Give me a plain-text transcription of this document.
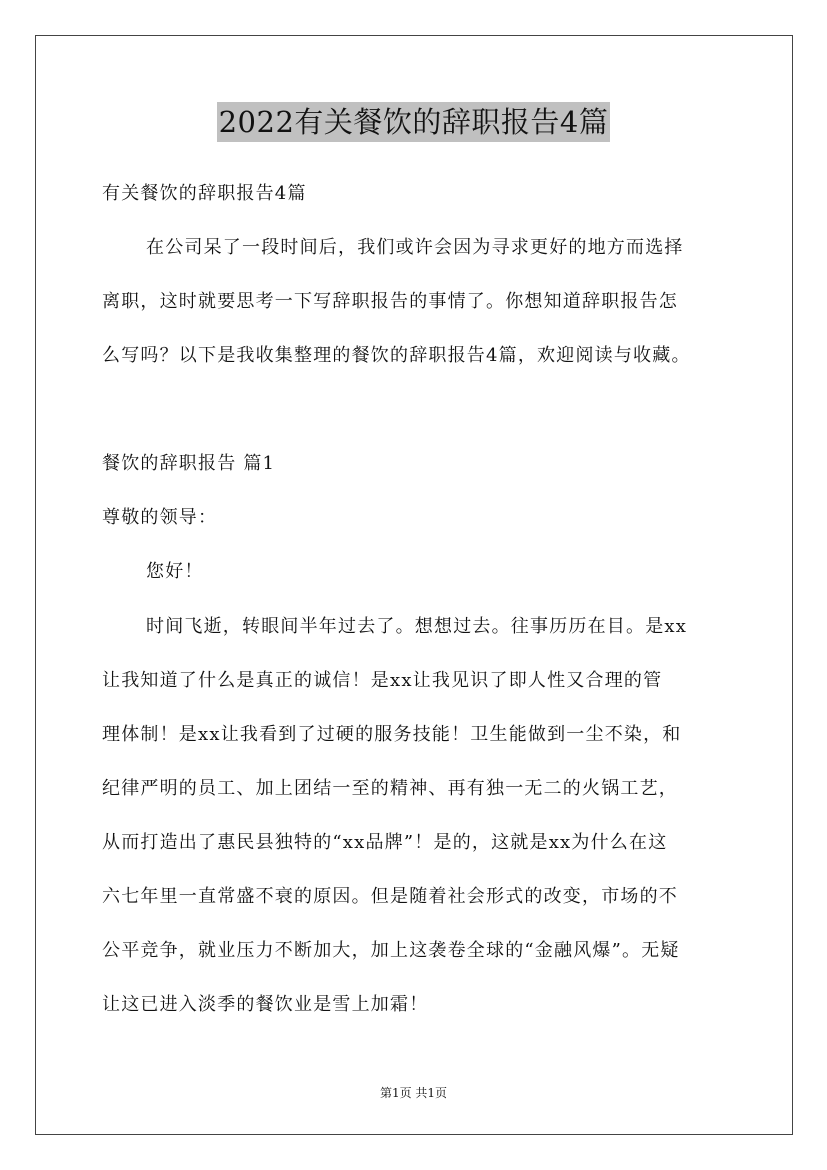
2022有关餐饮的辞职报告4篇
有关餐饮的辞职报告4篇
在公司呆了一段时间后，我们或许会因为寻求更好的地方而选择
离职，这时就要思考一下写辞职报告的事情了。你想知道辞职报告怎
么写吗？以下是我收集整理的餐饮的辞职报告4篇，欢迎阅读与收藏。
餐饮的辞职报告 篇1
尊敬的领导：
您好！
时间飞逝，转眼间半年过去了。想想过去。往事历历在目。是xx
让我知道了什么是真正的诚信！是xx让我见识了即人性又合理的管
理体制！是xx让我看到了过硬的服务技能！卫生能做到一尘不染，和
纪律严明的员工、加上团结一至的精神、再有独一无二的火锅工艺，
从而打造出了惠民县独特的“xx品牌”！是的，这就是xx为什么在这
六七年里一直常盛不衰的原因。但是随着社会形式的改变，市场的不
公平竞争，就业压力不断加大，加上这袭卷全球的“金融风爆”。无疑
让这已进入淡季的餐饮业是雪上加霜！
第1页 共1页
